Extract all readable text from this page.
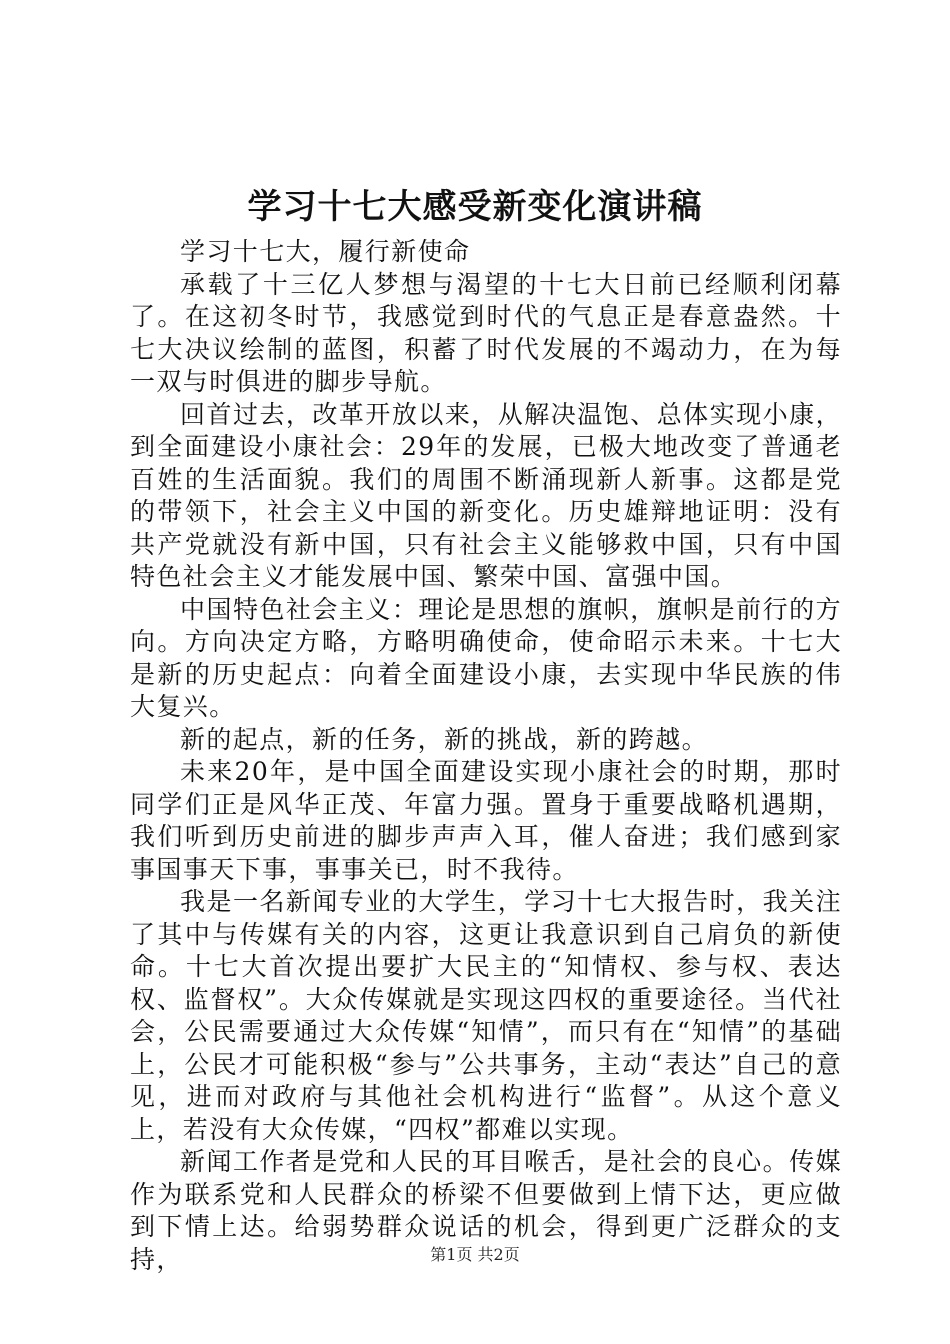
学习十七大感受新变化演讲稿

学习十七大，履行新使命

承载了十三亿人梦想与渴望的十七大日前已经顺利闭幕了。在这初冬时节，我感觉到时代的气息正是春意盎然。十七大决议绘制的蓝图，积蓄了时代发展的不竭动力，在为每一双与时俱进的脚步导航。

回首过去，改革开放以来，从解决温饱、总体实现小康，到全面建设小康社会：29年的发展，已极大地改变了普通老百姓的生活面貌。我们的周围不断涌现新人新事。这都是党的带领下，社会主义中国的新变化。历史雄辩地证明：没有共产党就没有新中国，只有社会主义能够救中国，只有中国特色社会主义才能发展中国、繁荣中国、富强中国。

中国特色社会主义：理论是思想的旗帜，旗帜是前行的方向。方向决定方略，方略明确使命，使命昭示未来。十七大是新的历史起点：向着全面建设小康，去实现中华民族的伟大复兴。

新的起点，新的任务，新的挑战，新的跨越。

未来20年，是中国全面建设实现小康社会的时期，那时同学们正是风华正茂、年富力强。置身于重要战略机遇期，我们听到历史前进的脚步声声入耳，催人奋进；我们感到家事国事天下事，事事关已，时不我待。

我是一名新闻专业的大学生，学习十七大报告时，我关注了其中与传媒有关的内容，这更让我意识到自己肩负的新使命。十七大首次提出要扩大民主的“知情权、参与权、表达权、监督权”。大众传媒就是实现这四权的重要途径。当代社会，公民需要通过大众传媒“知情”，而只有在“知情”的基础上，公民才可能积极“参与”公共事务，主动“表达”自己的意见，进而对政府与其他社会机构进行“监督”。从这个意义上，若没有大众传媒，“四权”都难以实现。

新闻工作者是党和人民的耳目喉舌，是社会的良心。传媒作为联系党和人民群众的桥梁不但要做到上情下达，更应做到下情上达。给弱势群众说话的机会，得到更广泛群众的支持，	第1页 共2页
